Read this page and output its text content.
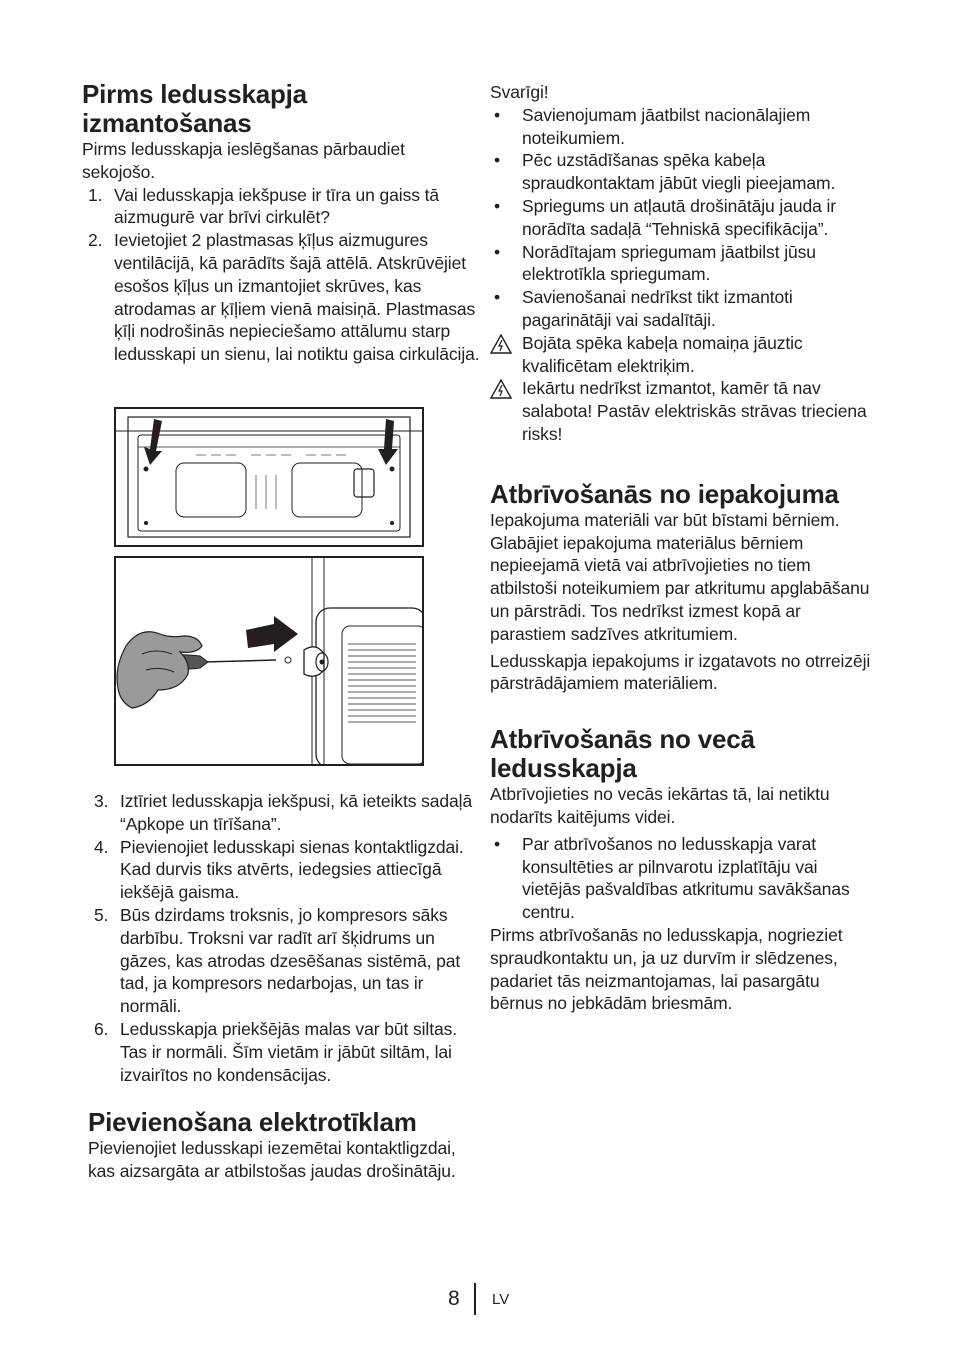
Pirms ledusskapja izmantošanas

Pirms ledusskapja ieslēgšanas pārbaudiet sekojošo.

1. Vai ledusskapja iekšpuse ir tīra un gaiss tā aizmugurē var brīvi cirkulēt?
2. Ievietojiet 2 plastmasas ķīļus aizmugures ventilācijā, kā parādīts šajā attēlā. Atskrūvējiet esošos ķīļus un izmantojiet skrūves, kas atrodamas ar ķīļiem vienā maisiņā. Plastmasas ķīļi nodrošinās nepieciešamo attālumu starp ledusskapi un sienu, lai notiktu gaisa cirkulācija.
3. Iztīriet ledusskapja iekšpusi, kā ieteikts sadaļā “Apkope un tīrīšana”.
4. Pievienojiet ledusskapi sienas kontaktligzdai. Kad durvis tiks atvērts, iedegsies attiecīgā iekšējā gaisma.
5. Būs dzirdams troksnis, jo kompresors sāks darbību. Troksni var radīt arī šķidrums un gāzes, kas atrodas dzesēšanas sistēmā, pat tad, ja kompresors nedarbojas, un tas ir normāli.
6. Ledusskapja priekšējās malas var būt siltas. Tas ir normāli. Šīm vietām ir jābūt siltām, lai izvairītos no kondensācijas.
Pievienošana elektrotīklam

Pievienojiet ledusskapi iezemētai kontaktligzdai, kas aizsargāta ar atbilstošas jaudas drošinātāju.

Svarīgi!

• Savienojumam jāatbilst nacionālajiem noteikumiem.
• Pēc uzstādīšanas spēka kabeļa spraudkontaktam jābūt viegli pieejamam.
• Spriegums un atļautā drošinātāju jauda ir norādīta sadaļā “Tehniskā specifikācija”.
• Norādītajam spriegumam jāatbilst jūsu elektrotīkla spriegumam.
• Savienošanai nedrīkst tikt izmantoti pagarinātāji vai sadalītāji.
Bojāta spēka kabeļa nomaiņa jāuztic kvalificētam elektriķim.
Iekārtu nedrīkst izmantot, kamēr tā nav salabota! Pastāv elektriskās strāvas trieciena risks!
Atbrīvošanās no iepakojuma

Iepakojuma materiāli var būt bīstami bērniem. Glabājiet iepakojuma materiālus bērniem nepieejamā vietā vai atbrīvojieties no tiem atbilstoši noteikumiem par atkritumu apglabāšanu un pārstrādi. Tos nedrīkst izmest kopā ar parastiem sadzīves atkritumiem.

Ledusskapja iepakojums ir izgatavots no otrreizēji pārstrādājamiem materiāliem.

Atbrīvošanās no vecā ledusskapja

Atbrīvojieties no vecās iekārtas tā, lai netiktu nodarīts kaitējums videi.

• Par atbrīvošanos no ledusskapja varat konsultēties ar pilnvarotu izplatītāju vai vietējās pašvaldības atkritumu savākšanas centru.

Pirms atbrīvošanās no ledusskapja, nogrieziet spraudkontaktu un, ja uz durvīm ir slēdzenes, padariet tās neizmantojamas, lai pasargātu bērnus no jebkādām briesmām.

8 LV
